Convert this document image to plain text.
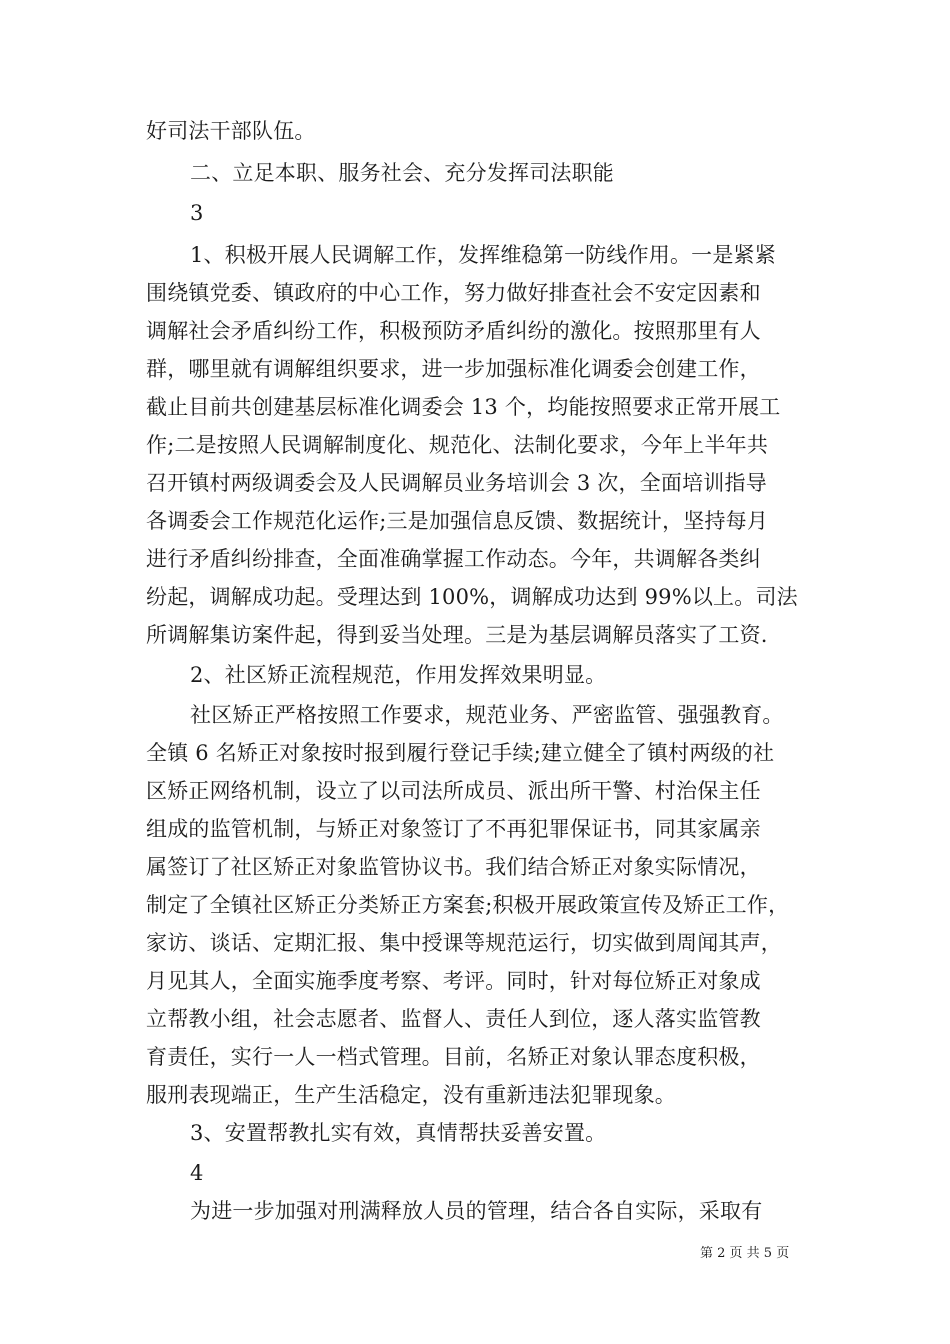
好司法干部队伍。
二、立足本职、服务社会、充分发挥司法职能
3
1、积极开展人民调解工作，发挥维稳第一防线作用。一是紧紧
围绕镇党委、镇政府的中心工作，努力做好排查社会不安定因素和
调解社会矛盾纠纷工作，积极预防矛盾纠纷的激化。按照那里有人
群，哪里就有调解组织要求，进一步加强标准化调委会创建工作，
截止目前共创建基层标准化调委会 13 个，均能按照要求正常开展工
作;二是按照人民调解制度化、规范化、法制化要求，今年上半年共
召开镇村两级调委会及人民调解员业务培训会 3 次，全面培训指导
各调委会工作规范化运作;三是加强信息反馈、数据统计，坚持每月
进行矛盾纠纷排查，全面准确掌握工作动态。今年，共调解各类纠
纷起，调解成功起。受理达到 100%，调解成功达到 99%以上。司法
所调解集访案件起，得到妥当处理。三是为基层调解员落实了工资.
2、社区矫正流程规范，作用发挥效果明显。
社区矫正严格按照工作要求，规范业务、严密监管、强强教育。
全镇 6 名矫正对象按时报到履行登记手续;建立健全了镇村两级的社
区矫正网络机制，设立了以司法所成员、派出所干警、村治保主任
组成的监管机制，与矫正对象签订了不再犯罪保证书，同其家属亲
属签订了社区矫正对象监管协议书。我们结合矫正对象实际情况，
制定了全镇社区矫正分类矫正方案套;积极开展政策宣传及矫正工作，
家访、谈话、定期汇报、集中授课等规范运行，切实做到周闻其声，
月见其人，全面实施季度考察、考评。同时，针对每位矫正对象成
立帮教小组，社会志愿者、监督人、责任人到位，逐人落实监管教
育责任，实行一人一档式管理。目前，名矫正对象认罪态度积极，
服刑表现端正，生产生活稳定，没有重新违法犯罪现象。
3、安置帮教扎实有效，真情帮扶妥善安置。
4
为进一步加强对刑满释放人员的管理，结合各自实际，采取有
第 2 页 共 5 页
